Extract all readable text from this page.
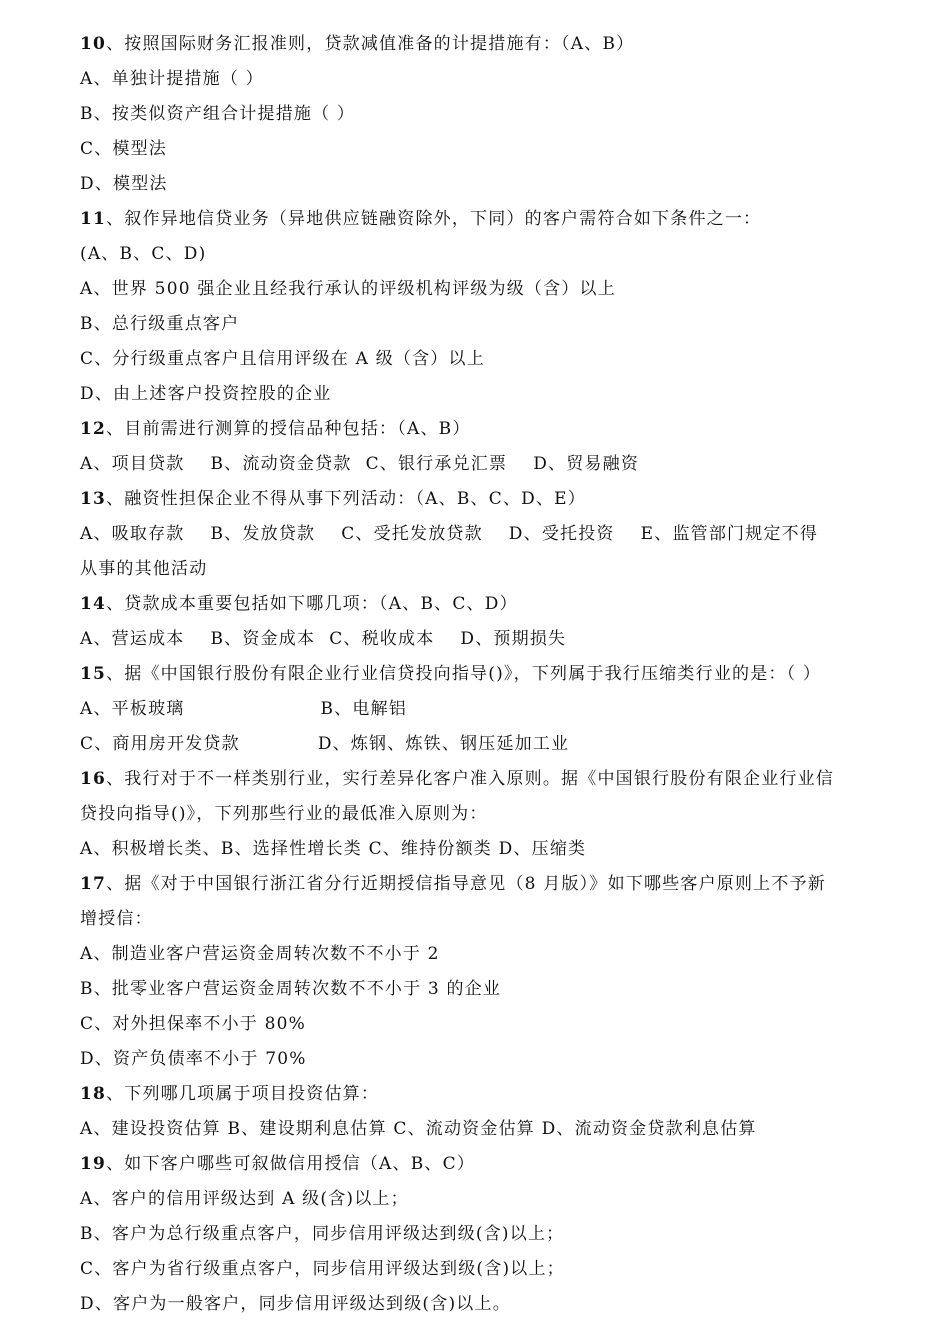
10、按照国际财务汇报准则，贷款减值准备的计提措施有：（A、B）
A、单独计提措施（ ）
B、按类似资产组合计提措施（ ）
C、模型法
D、模型法
11、叙作异地信贷业务（异地供应链融资除外，下同）的客户需符合如下条件之一：
(A、B、C、D)
A、世界 500 强企业且经我行承认的评级机构评级为级（含）以上
B、总行级重点客户
C、分行级重点客户且信用评级在 A 级（含）以上
D、由上述客户投资控股的企业
12、目前需进行测算的授信品种包括：（A、B）
A、项目贷款 B、流动资金贷款 C、银行承兑汇票 D、贸易融资
13、融资性担保企业不得从事下列活动：（A、B、C、D、E）
A、吸取存款 B、发放贷款 C、受托发放贷款 D、受托投资 E、监管部门规定不得
从事的其他活动
14、贷款成本重要包括如下哪几项：（A、B、C、D）
A、营运成本 B、资金成本 C、税收成本 D、预期损失
15、据《中国银行股份有限企业行业信贷投向指导()》，下列属于我行压缩类行业的是：（ ）
A、平板玻璃	B、电解铝
C、商用房开发贷款	D、炼钢、炼铁、钢压延加工业
16、我行对于不一样类别行业，实行差异化客户准入原则。据《中国银行股份有限企业行业信
贷投向指导()》，下列那些行业的最低准入原则为：
A、积极增长类、B、选择性增长类 C、维持份额类 D、压缩类
17、据《对于中国银行浙江省分行近期授信指导意见（8 月版）》如下哪些客户原则上不予新
增授信：
A、制造业客户营运资金周转次数不不小于 2
B、批零业客户营运资金周转次数不不小于 3 的企业
C、对外担保率不小于 80%
D、资产负债率不小于 70%
18、下列哪几项属于项目投资估算：
A、建设投资估算 B、建设期利息估算 C、流动资金估算 D、流动资金贷款利息估算
19、如下客户哪些可叙做信用授信（A、B、C）
A、客户的信用评级达到 A 级(含)以上；
B、客户为总行级重点客户，同步信用评级达到级(含)以上；
C、客户为省行级重点客户，同步信用评级达到级(含)以上；
D、客户为一般客户，同步信用评级达到级(含)以上。
